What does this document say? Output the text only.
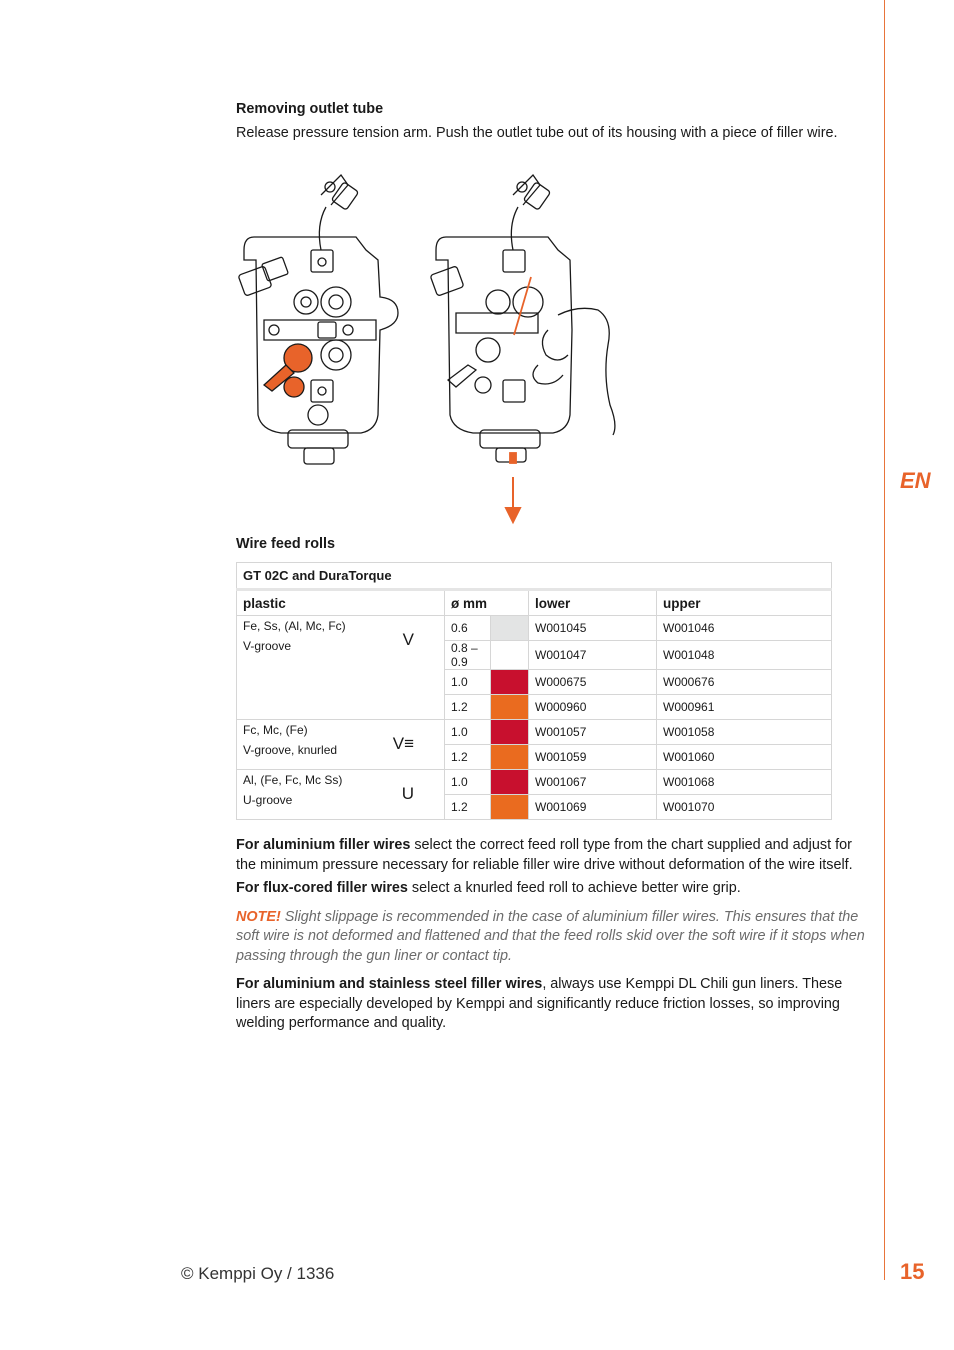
EN

Removing outlet tube

Release pressure tension arm. Push the outlet tube out of its housing with a piece of filler wire.

Wire feed rolls
GT 02C and DuraTorque				
plastic	ø mm		lower	upper

Fe, Ss, (Al, Mc, Fc)
V-groove V	0.6		W001045	W001046
	0.8 – 0.9		W001047	W001048
	1.0		W000675	W000676
	1.2		W000960	W000961

Fc, Mc, (Fe)
V-groove, knurled V≡	1.0		W001057	W001058
	1.2		W001059	W001060

Al, (Fe, Fc, Mc Ss)
U-groove U	1.0		W001067	W001068
	1.2		W001069	W001070

For aluminium filler wires select the correct feed roll type from the chart supplied and adjust for the minimum pressure necessary for reliable filler wire drive without deformation of the wire itself.

For flux-cored filler wires select a knurled feed roll to achieve better wire grip.

NOTE! Slight slippage is recommended in the case of aluminium filler wires. This ensures that the soft wire is not deformed and flattened and that the feed rolls skid over the soft wire if it stops when passing through the gun liner or contact tip.

For aluminium and stainless steel filler wires, always use Kemppi DL Chili gun liners. These liners are especially developed by Kemppi and significantly reduce friction losses, so improving welding performance and quality.

© Kemppi Oy / 1336	15
